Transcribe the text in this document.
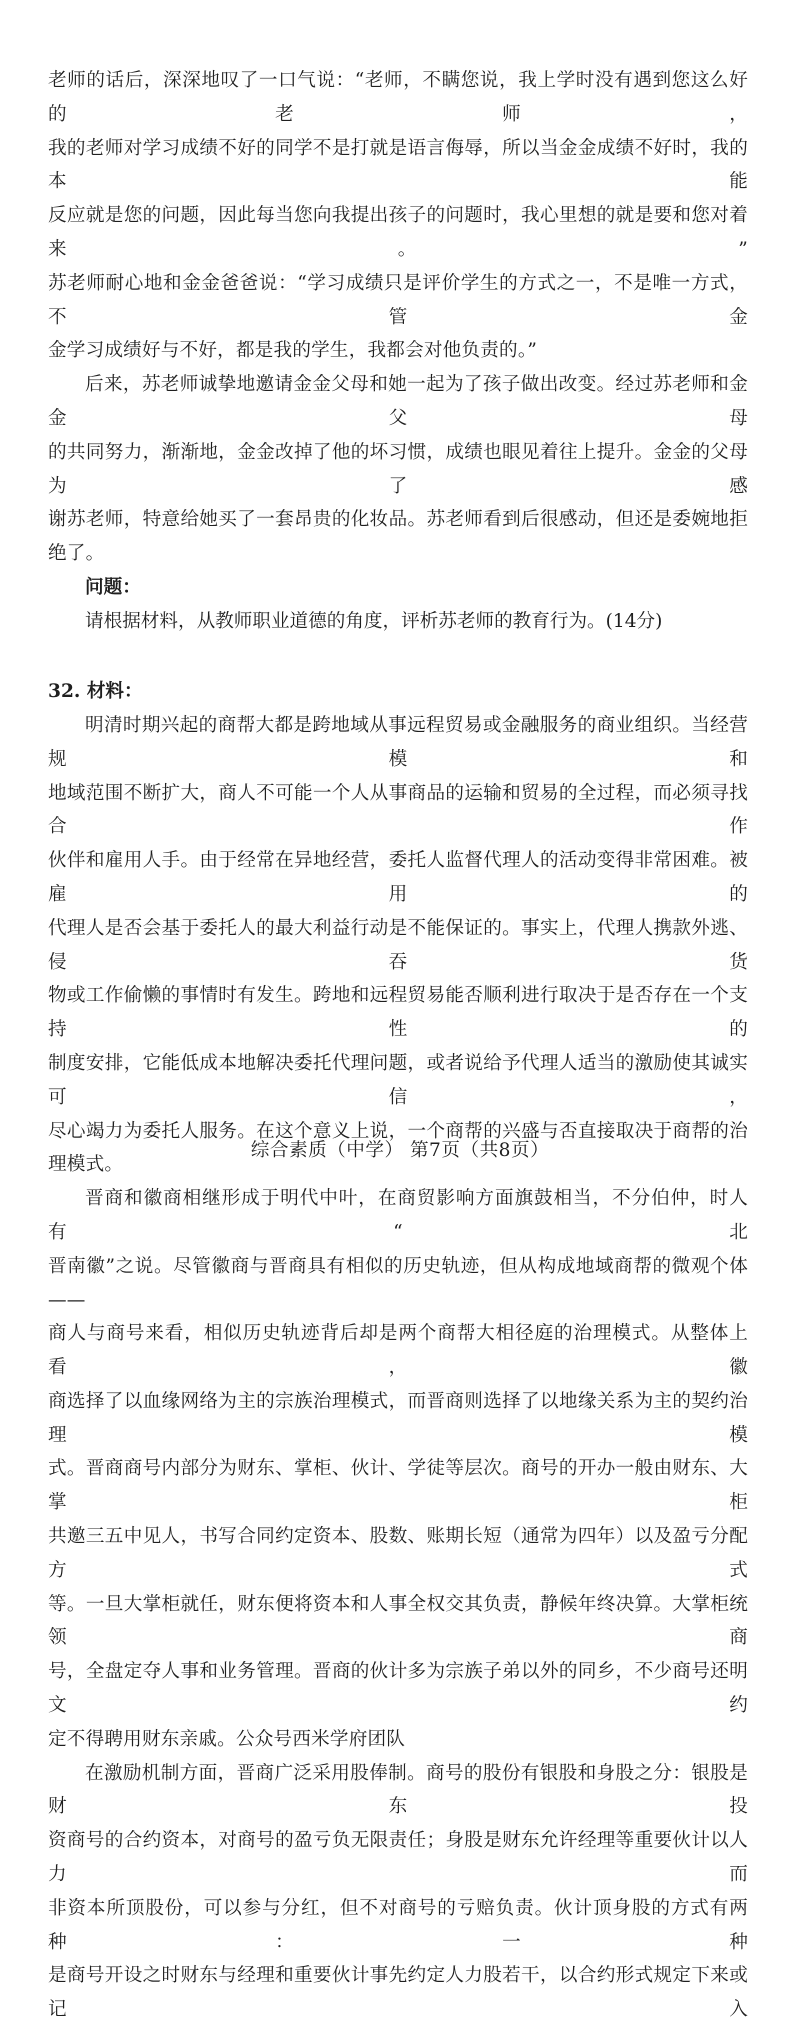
老师的话后，深深地叹了一口气说：“老师，不瞒您说，我上学时没有遇到您这么好的老师，

我的老师对学习成绩不好的同学不是打就是语言侮辱，所以当金金成绩不好时，我的本能

反应就是您的问题，因此每当您向我提出孩子的问题时，我心里想的就是要和您对着来。”

苏老师耐心地和金金爸爸说：“学习成绩只是评价学生的方式之一，不是唯一方式，不管金

金学习成绩好与不好，都是我的学生，我都会对他负责的。”

后来，苏老师诚挚地邀请金金父母和她一起为了孩子做出改变。经过苏老师和金金父母

的共同努力，渐渐地，金金改掉了他的坏习惯，成绩也眼见着往上提升。金金的父母为了感

谢苏老师，特意给她买了一套昂贵的化妆品。苏老师看到后很感动，但还是委婉地拒绝了。

问题：

请根据材料，从教师职业道德的角度，评析苏老师的教育行为。(14分)

32. 材料：

明清时期兴起的商帮大都是跨地域从事远程贸易或金融服务的商业组织。当经营规模和

地域范围不断扩大，商人不可能一个人从事商品的运输和贸易的全过程，而必须寻找合作

伙伴和雇用人手。由于经常在异地经营，委托人监督代理人的活动变得非常困难。被雇用的

代理人是否会基于委托人的最大利益行动是不能保证的。事实上，代理人携款外逃、侵吞货

物或工作偷懒的事情时有发生。跨地和远程贸易能否顺利进行取决于是否存在一个支持性的

制度安排，它能低成本地解决委托代理问题，或者说给予代理人适当的激励使其诚实可信，

尽心竭力为委托人服务。在这个意义上说，一个商帮的兴盛与否直接取决于商帮的治理模式。

晋商和徽商相继形成于明代中叶，在商贸影响方面旗鼓相当，不分伯仲，时人有“北

晋南徽”之说。尽管徽商与晋商具有相似的历史轨迹，但从构成地域商帮的微观个体——

商人与商号来看，相似历史轨迹背后却是两个商帮大相径庭的治理模式。从整体上看，徽

商选择了以血缘网络为主的宗族治理模式，而晋商则选择了以地缘关系为主的契约治理模

式。晋商商号内部分为财东、掌柜、伙计、学徒等层次。商号的开办一般由财东、大掌柜

共邀三五中见人，书写合同约定资本、股数、账期长短（通常为四年）以及盈亏分配方式

等。一旦大掌柜就任，财东便将资本和人事全权交其负责，静候年终决算。大掌柜统领商

号，全盘定夺人事和业务管理。晋商的伙计多为宗族子弟以外的同乡，不少商号还明文约

定不得聘用财东亲戚。公众号西米学府团队

在激励机制方面，晋商广泛采用股俸制。商号的股份有银股和身股之分：银股是财东投

资商号的合约资本，对商号的盈亏负无限责任；身股是财东允许经理等重要伙计以人力而

非资本所顶股份，可以参与分红，但不对商号的亏赔负责。伙计顶身股的方式有两种：一种

是商号开设之时财东与经理和重要伙计事先约定人力股若干，以合约形式规定下来或记入

综合素质（中学） 第7页（共8页）
